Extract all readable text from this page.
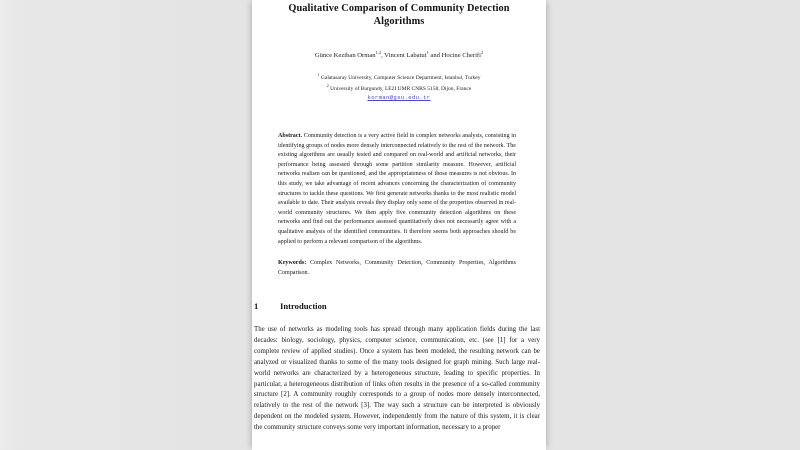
Qualitative Comparison of Community Detection Algorithms
Günce Keziban Orman$^{1,2}$, Vincent Labatut$^1$ and Hocine Cherifi$^2$
$^1$ Galatasaray University, Computer Science Department, Istanbul, Turkey
$^2$ University of Burgundy, LE2I UMR CNRS 5158, Dijon, France
korman@gsu.edu.tr
Abstract. Community detection is a very active field in complex networks analysis, consisting in identifying groups of nodes more densely interconnected relatively to the rest of the network. The existing algorithms are usually tested and compared on real-world and artificial networks, their performance being assessed through some partition similarity measure. However, artificial networks realism can be questioned, and the appropriateness of those measures is not obvious. In this study, we take advantage of recent advances concerning the characterization of community structures to tackle these questions. We first generate networks thanks to the most realistic model available to date. Their analysis reveals they display only some of the properties observed in real-world community structures. We then apply five community detection algorithms on these networks and find out the performance assessed quantitatively does not necessarily agree with a qualitative analysis of the identified communities. It therefore seems both approaches should be applied to perform a relevant comparison of the algorithms.
Keywords: Complex Networks, Community Detection, Community Properties, Algorithms Comparison.
1	Introduction
The use of networks as modeling tools has spread through many application fields during the last decades: biology, sociology, physics, computer science, communication, etc. (see [1] for a very complete review of applied studies). Once a system has been modeled, the resulting network can be analyzed or visualized thanks to some of the many tools designed for graph mining. Such large real-world networks are characterized by a heterogeneous structure, leading to specific properties. In particular, a heterogeneous distribution of links often results in the presence of a so-called community structure [2]. A community roughly corresponds to a group of nodes more densely interconnected, relatively to the rest of the network [3]. The way such a structure can be interpreted is obviously dependent on the modeled system. However, independently from the nature of this system, it is clear the community structure conveys some very important information, necessary to a proper
